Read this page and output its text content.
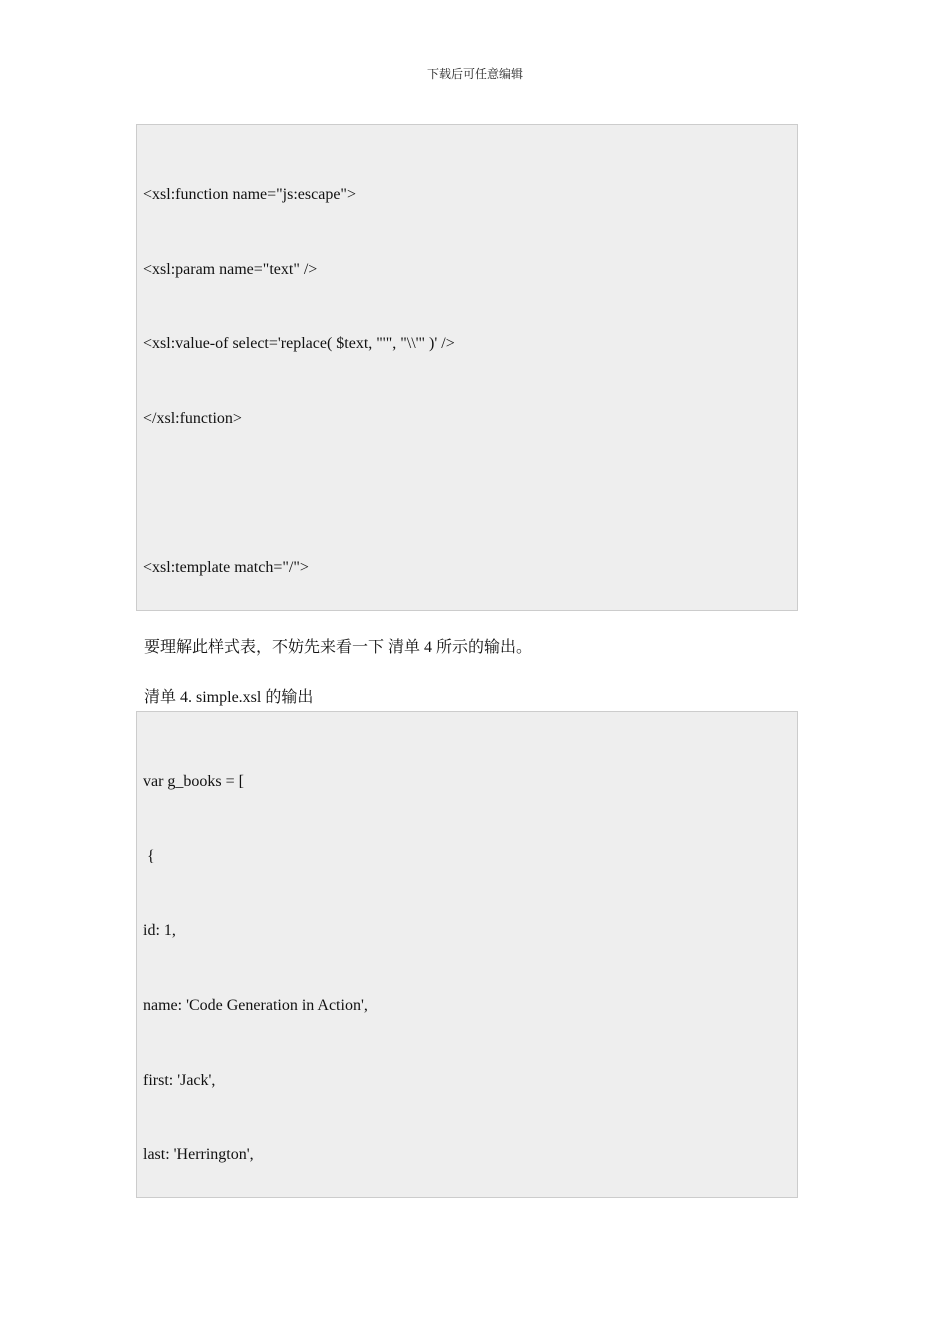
下载后可任意编辑

<xsl:function name="js:escape">

<xsl:param name="text" />

<xsl:value-of select='replace( $text, "'", "\\'" )' />

</xsl:function>

<xsl:template match="/">

要理解此样式表，不妨先来看一下 清单 4 所示的输出。
清单 4. simple.xsl 的输出

var g_books = [

{

id: 1,

name: 'Code Generation in Action',

first: 'Jack',

last: 'Herrington',
